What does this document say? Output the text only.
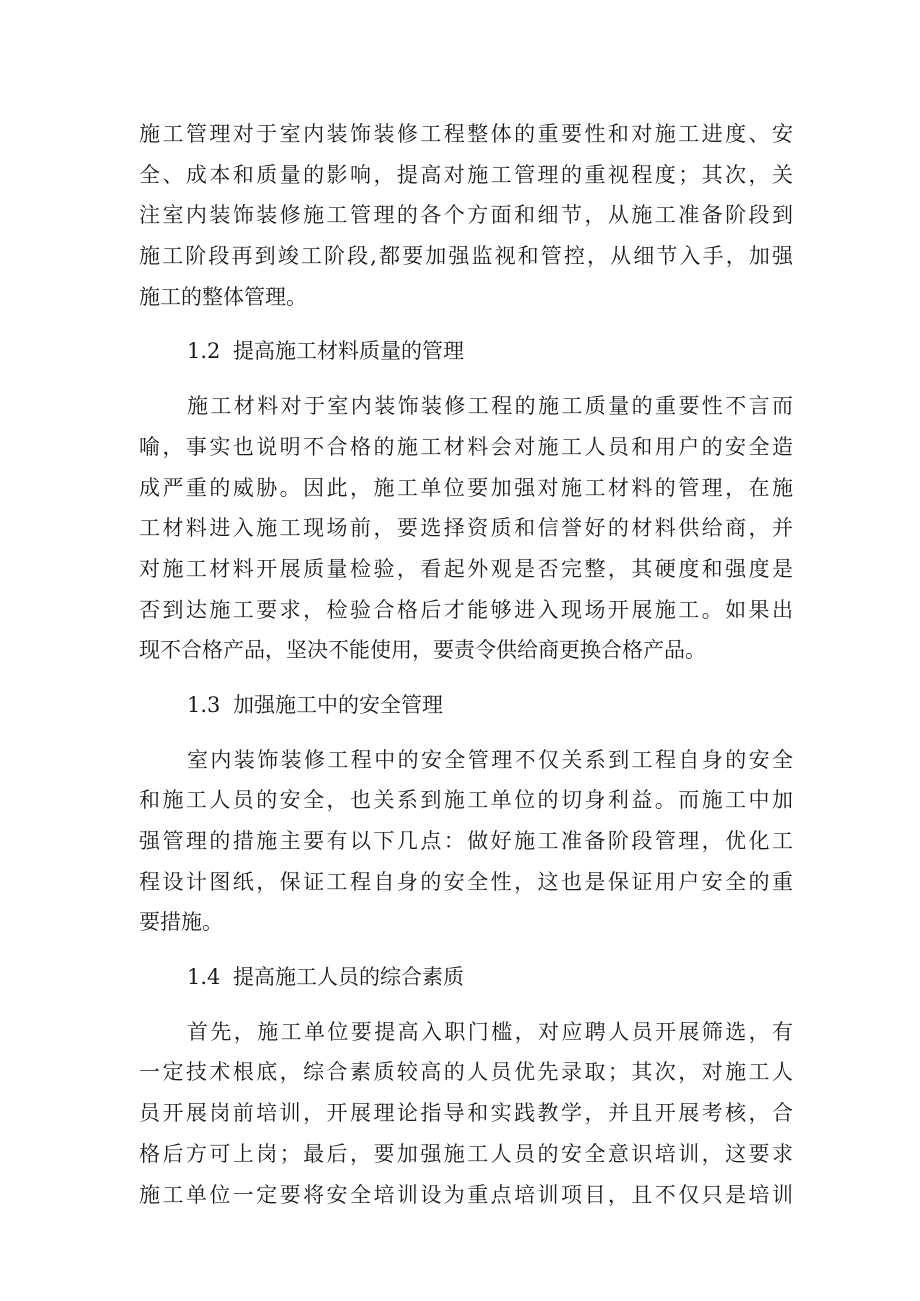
施工管理对于室内装饰装修工程整体的重要性和对施工进度、安
全、成本和质量的影响，提高对施工管理的重视程度；其次，关
注室内装饰装修施工管理的各个方面和细节，从施工准备阶段到
施工阶段再到竣工阶段,都要加强监视和管控，从细节入手，加强
施工的整体管理。
1.2 提高施工材料质量的管理
施工材料对于室内装饰装修工程的施工质量的重要性不言而
喻，事实也说明不合格的施工材料会对施工人员和用户的安全造
成严重的威胁。因此，施工单位要加强对施工材料的管理，在施
工材料进入施工现场前，要选择资质和信誉好的材料供给商，并
对施工材料开展质量检验，看起外观是否完整，其硬度和强度是
否到达施工要求，检验合格后才能够进入现场开展施工。如果出
现不合格产品，坚决不能使用，要责令供给商更换合格产品。
1.3 加强施工中的安全管理
室内装饰装修工程中的安全管理不仅关系到工程自身的安全
和施工人员的安全，也关系到施工单位的切身利益。而施工中加
强管理的措施主要有以下几点：做好施工准备阶段管理，优化工
程设计图纸，保证工程自身的安全性，这也是保证用户安全的重
要措施。
1.4 提高施工人员的综合素质
首先，施工单位要提高入职门槛，对应聘人员开展筛选，有
一定技术根底，综合素质较高的人员优先录取；其次，对施工人
员开展岗前培训，开展理论指导和实践教学，并且开展考核，合
格后方可上岗；最后，要加强施工人员的安全意识培训，这要求
施工单位一定要将安全培训设为重点培训项目，且不仅只是培训
